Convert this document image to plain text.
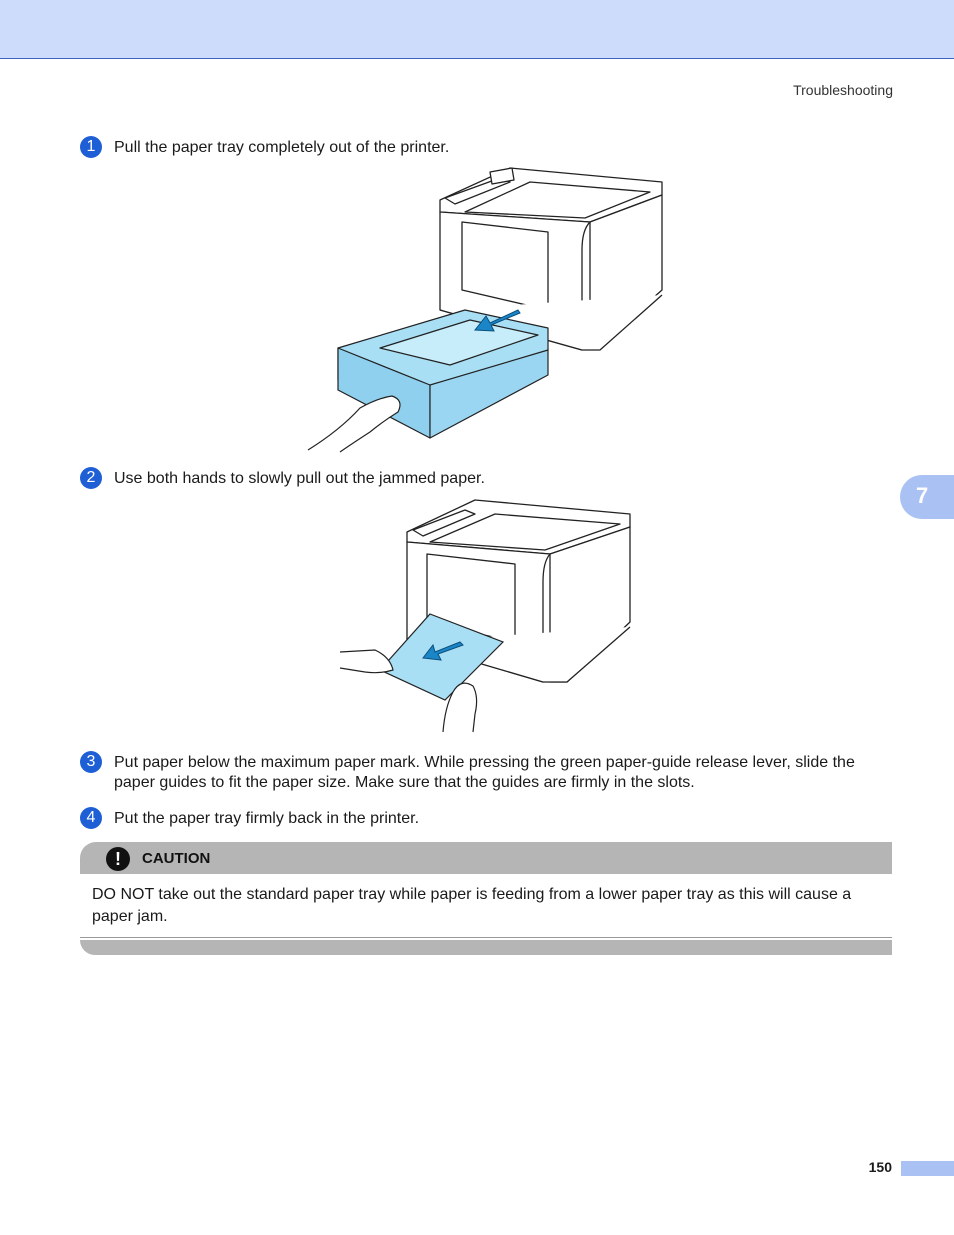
Troubleshooting
7
1	Pull the paper tray completely out of the printer.
2	Use both hands to slowly pull out the jammed paper.
3	Put paper below the maximum paper mark. While pressing the green paper-guide release lever, slide the paper guides to fit the paper size. Make sure that the guides are firmly in the slots.
4	Put the paper tray firmly back in the printer.
!	CAUTION
DO NOT take out the standard paper tray while paper is feeding from a lower paper tray as this will cause a paper jam.
150
